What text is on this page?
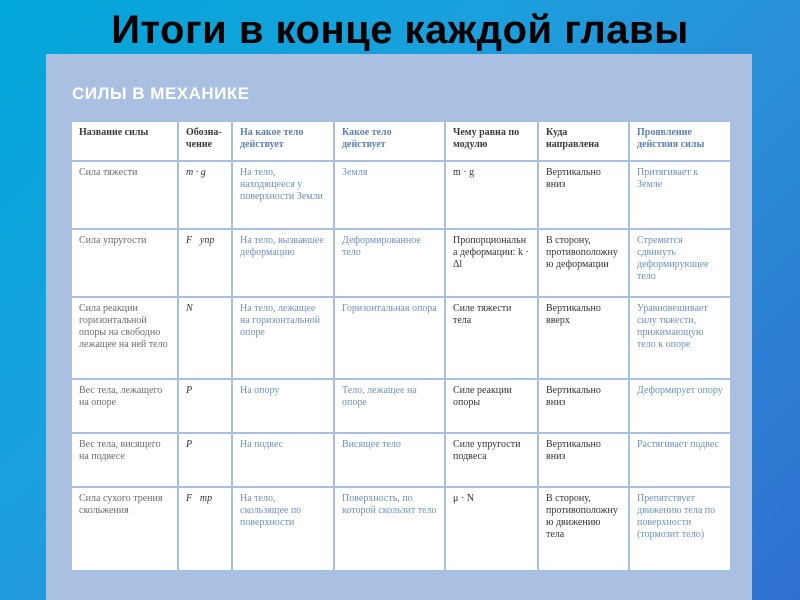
Итоги в конце каждой главы
СИЛЫ В МЕХАНИКЕ
Название силы	Обозна-чение	На какое тело действует	Какое тело действует	Чему равна по модулю	Куда направлена	Проявление действия силы
Сила тяжести	m · g	На тело, находящееся у поверхности Земли	Земля	m · g	Вертикально вниз	Притягивает к Земле
Сила упругости	F⃗упр	На тело, вызвавшее деформацию	Деформированное тело	Пропорциональна деформации: k · Δl	В сторону, противоположную деформации	Стремится сдвинуть деформирующее тело
Сила реакции горизонтальной опоры на свободно лежащее на ней тело	N⃗	На тело, лежащее на горизонтальной опоре	Горизонтальная опора	Силе тяжести тела	Вертикально вверх	Уравновешивает силу тяжести, прижимающую тело к опоре
Вес тела, лежащего на опоре	P⃗	На опору	Тело, лежащее на опоре	Силе реакции опоры	Вертикально вниз	Деформирует опору
Вес тела, висящего на подвесе	P⃗	На подвес	Висящее тело	Силе упругости подвеса	Вертикально вниз	Растягивает подвес
Сила сухого трения скольжения	F⃗тр	На тело, скользящее по поверхности	Поверхность, по которой скользит тело	μ · N	В сторону, противоположную движению тела	Препятствует движению тела по поверхности (тормозит тело)
